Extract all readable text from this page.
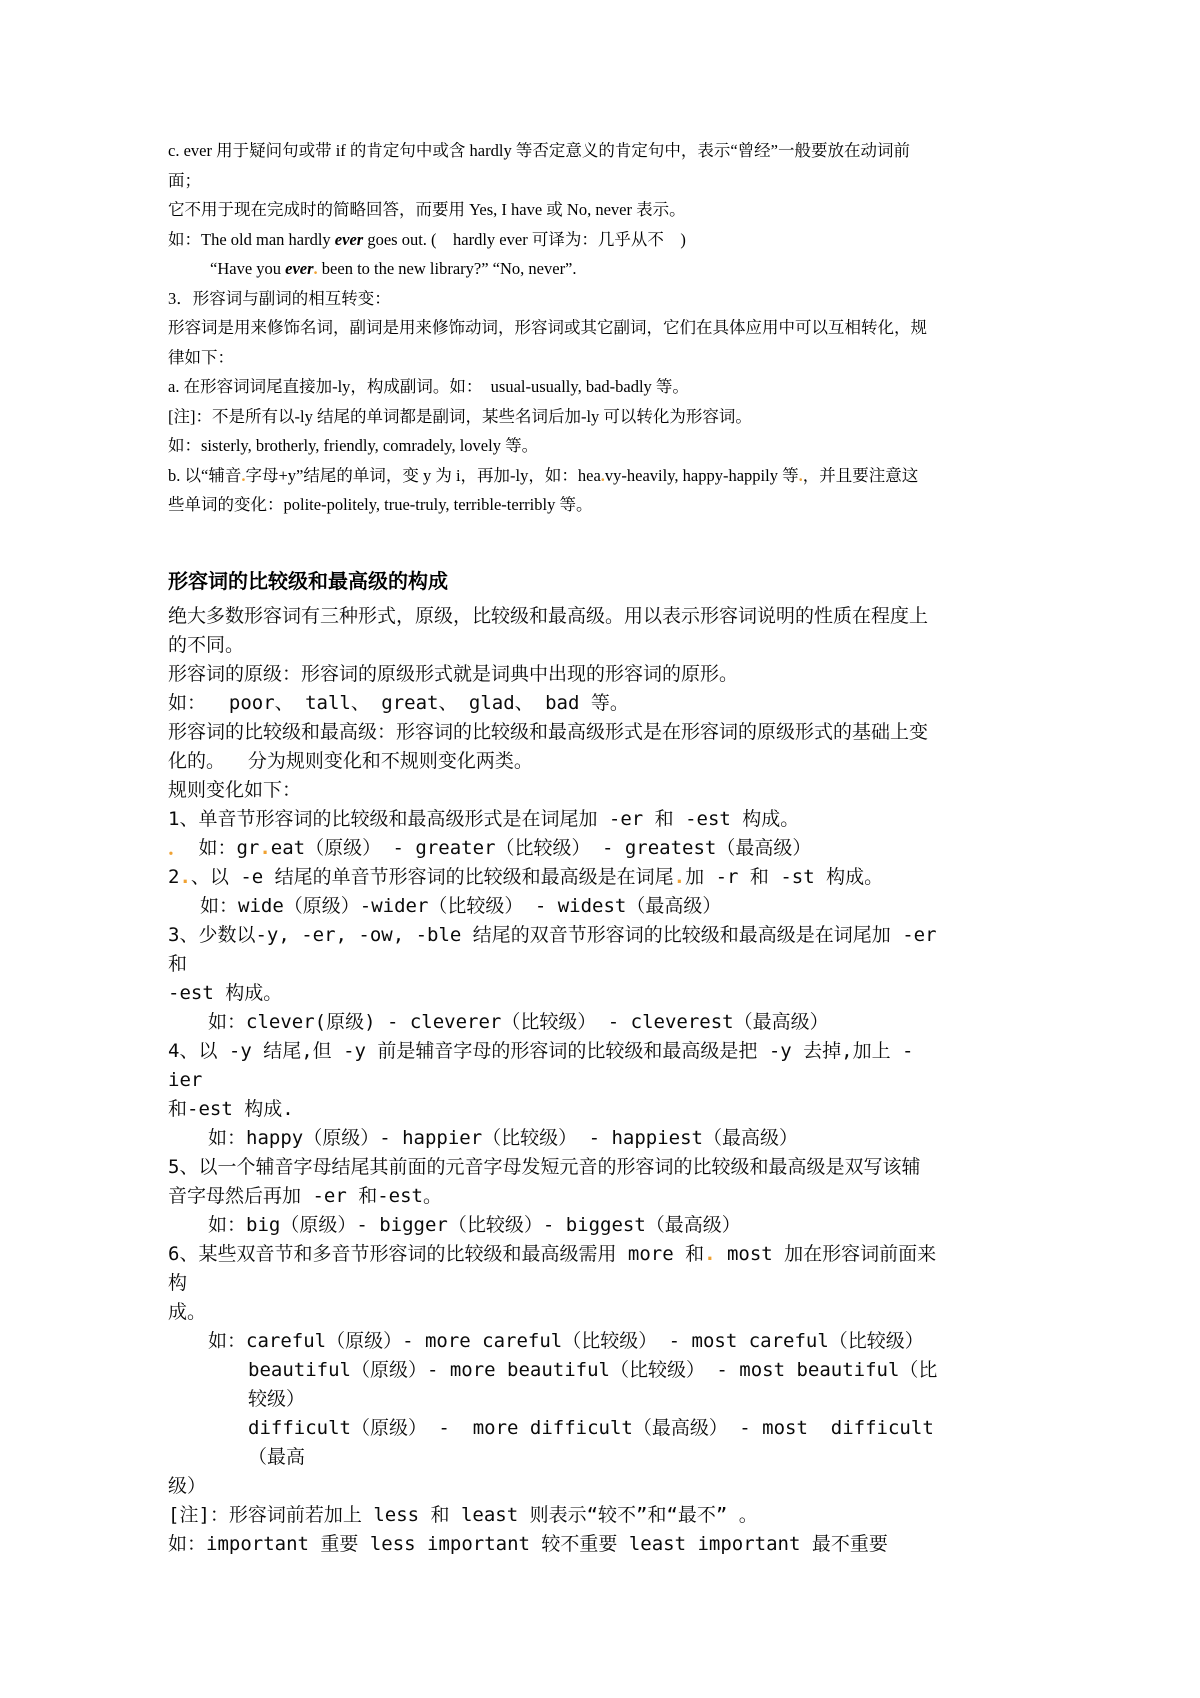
c. ever 用于疑问句或带 if 的肯定句中或含 hardly 等否定意义的肯定句中，表示“曾经”一般要放在动词前面；

它不用于现在完成时的简略回答，而要用 Yes, I have 或 No, never 表示。

如：The old man hardly ever goes out. (　hardly ever 可译为：几乎从不　)

“Have you ever. been to the new library?” “No, never”.

3．形容词与副词的相互转变：

形容词是用来修饰名词，副词是用来修饰动词，形容词或其它副词，它们在具体应用中可以互相转化，规

律如下：

a. 在形容词词尾直接加-ly，构成副词。如：  usual-usually, bad-badly 等。

[注]：不是所有以-ly 结尾的单词都是副词，某些名词后加-ly 可以转化为形容词。

如：sisterly, brotherly, friendly, comradely, lovely 等。

b. 以“辅音.字母+y”结尾的单词，变 y 为 i，再加-ly，如：hea.vy-heavily, happy-happily 等.，并且要注意这

些单词的变化：polite-politely, true-truly, terrible-terribly 等。

形容词的比较级和最高级的构成

绝大多数形容词有三种形式，原级，比较级和最高级。用以表示形容词说明的性质在程度上

的不同。

形容词的原级：形容词的原级形式就是词典中出现的形容词的原形。

如：  poor、 tall、 great、 glad、 bad 等。

形容词的比较级和最高级：形容词的比较级和最高级形式是在形容词的原级形式的基础上变

化的。  分为规则变化和不规则变化两类。

规则变化如下：

1、单音节形容词的比较级和最高级形式是在词尾加 -er 和 -est 构成。

． 如：gr.eat（原级） - greater（比较级） - greatest（最高级）

2.、以 -e 结尾的单音节形容词的比较级和最高级是在词尾.加 -r 和 -st 构成。

如：wide（原级）-wider（比较级） - widest（最高级）

3、少数以-y, -er, -ow, -ble 结尾的双音节形容词的比较级和最高级是在词尾加 -er 和

-est 构成。

如：clever(原级) - cleverer（比较级） - cleverest（最高级）

4、以 -y 结尾,但 -y 前是辅音字母的形容词的比较级和最高级是把 -y 去掉,加上 -ier

和-est 构成.

如：happy（原级）- happier（比较级） - happiest（最高级）

5、以一个辅音字母结尾其前面的元音字母发短元音的形容词的比较级和最高级是双写该辅

音字母然后再加 -er 和-est。

如：big（原级）- bigger（比较级）- biggest（最高级）

6、某些双音节和多音节形容词的比较级和最高级需用 more 和. most 加在形容词前面来构

成。

如：careful（原级）- more careful（比较级） - most careful（比较级）

beautiful（原级）- more beautiful（比较级） - most beautiful（比较级）

difficult（原级） -  more difficult（最高级） - most  difficult  （最高

级）

[注]：形容词前若加上 less 和 least 则表示“较不”和“最不” 。

如：important 重要 less important 较不重要 least important 最不重要
